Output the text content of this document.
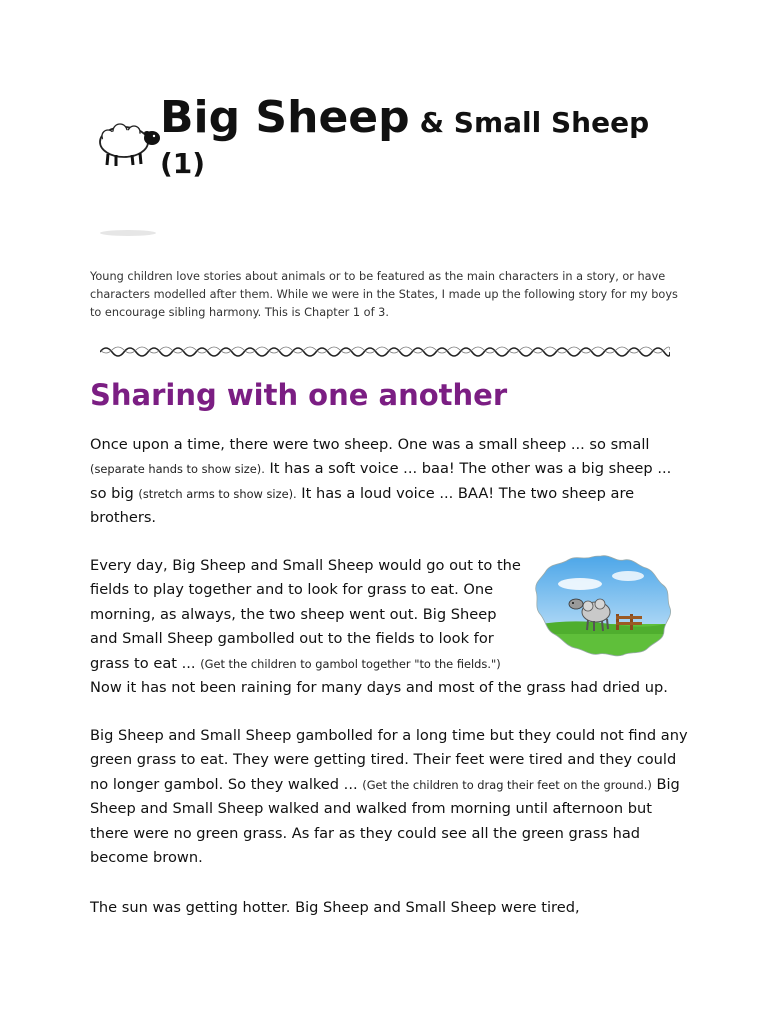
Big Sheep & Small Sheep
(1)

Young children love stories about animals or to be featured as the main characters in a story, or have characters modelled after them. While we were in the States, I made up the following story for my boys to encourage sibling harmony. This is Chapter 1 of 3.

Sharing with one another

Once upon a time, there were two sheep. One was a small sheep ... so small (separate hands to show size). It has a soft voice ... baa! The other was a big sheep ... so big (stretch arms to show size). It has a loud voice ... BAA! The two sheep are brothers.

Every day, Big Sheep and Small Sheep would go out to the fields to play together and to look for grass to eat. One morning, as always, the two sheep went out. Big Sheep and Small Sheep gambolled out to the fields to look for grass to eat ... (Get the children to gambol together "to the fields.") Now it has not been raining for many days and most of the grass had dried up.

Big Sheep and Small Sheep gambolled for a long time but they could not find any green grass to eat. They were getting tired. Their feet were tired and they could no longer gambol. So they walked ... (Get the children to drag their feet on the ground.) Big Sheep and Small Sheep walked and walked from morning until afternoon but there were no green grass. As far as they could see all the green grass had become brown.

The sun was getting hotter. Big Sheep and Small Sheep were tired,
